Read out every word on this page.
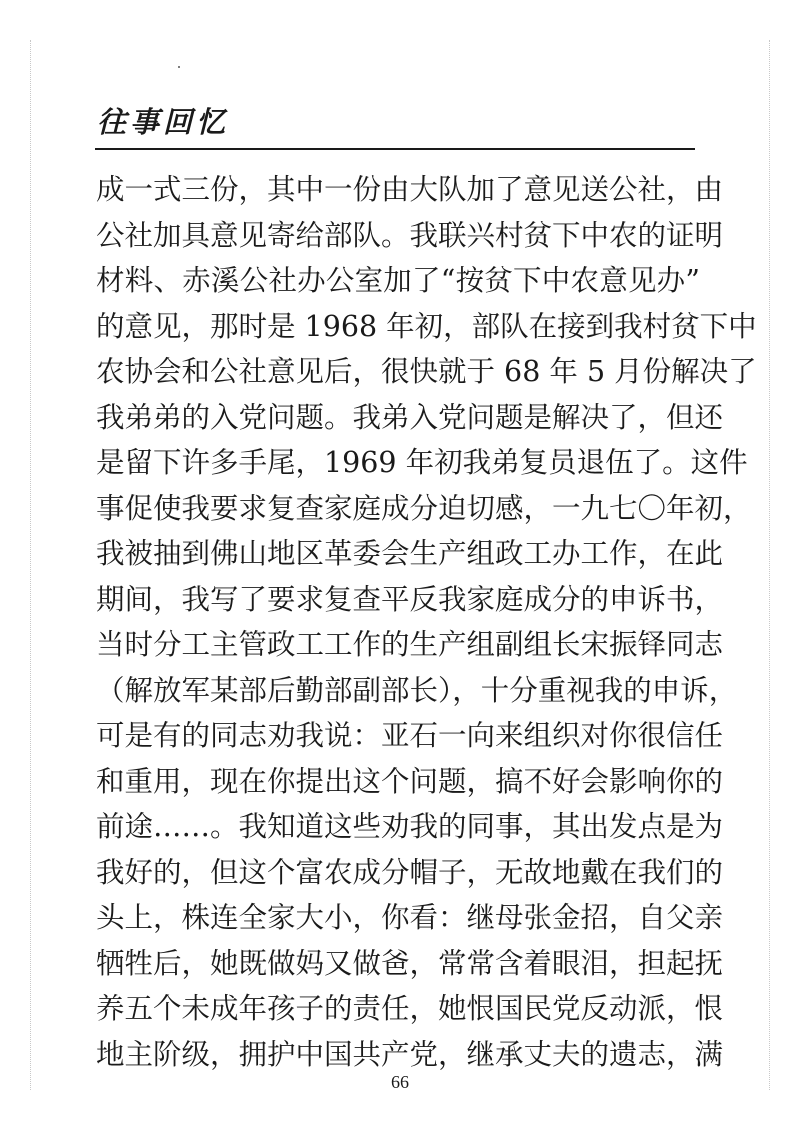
往事回忆
成一式三份，其中一份由大队加了意见送公社，由
公社加具意见寄给部队。我联兴村贫下中农的证明
材料、赤溪公社办公室加了“按贫下中农意见办”
的意见，那时是 1968 年初，部队在接到我村贫下中
农协会和公社意见后，很快就于 68 年 5 月份解决了
我弟弟的入党问题。我弟入党问题是解决了，但还
是留下许多手尾，1969 年初我弟复员退伍了。这件
事促使我要求复查家庭成分迫切感，一九七〇年初，
我被抽到佛山地区革委会生产组政工办工作，在此
期间，我写了要求复查平反我家庭成分的申诉书，
当时分工主管政工工作的生产组副组长宋振铎同志
（解放军某部后勤部副部长），十分重视我的申诉，
可是有的同志劝我说：亚石一向来组织对你很信任
和重用，现在你提出这个问题，搞不好会影响你的
前途……。我知道这些劝我的同事，其出发点是为
我好的，但这个富农成分帽子，无故地戴在我们的
头上，株连全家大小，你看：继母张金招，自父亲
牺牲后，她既做妈又做爸，常常含着眼泪，担起抚
养五个未成年孩子的责任，她恨国民党反动派，恨
地主阶级，拥护中国共产党，继承丈夫的遗志，满
66
